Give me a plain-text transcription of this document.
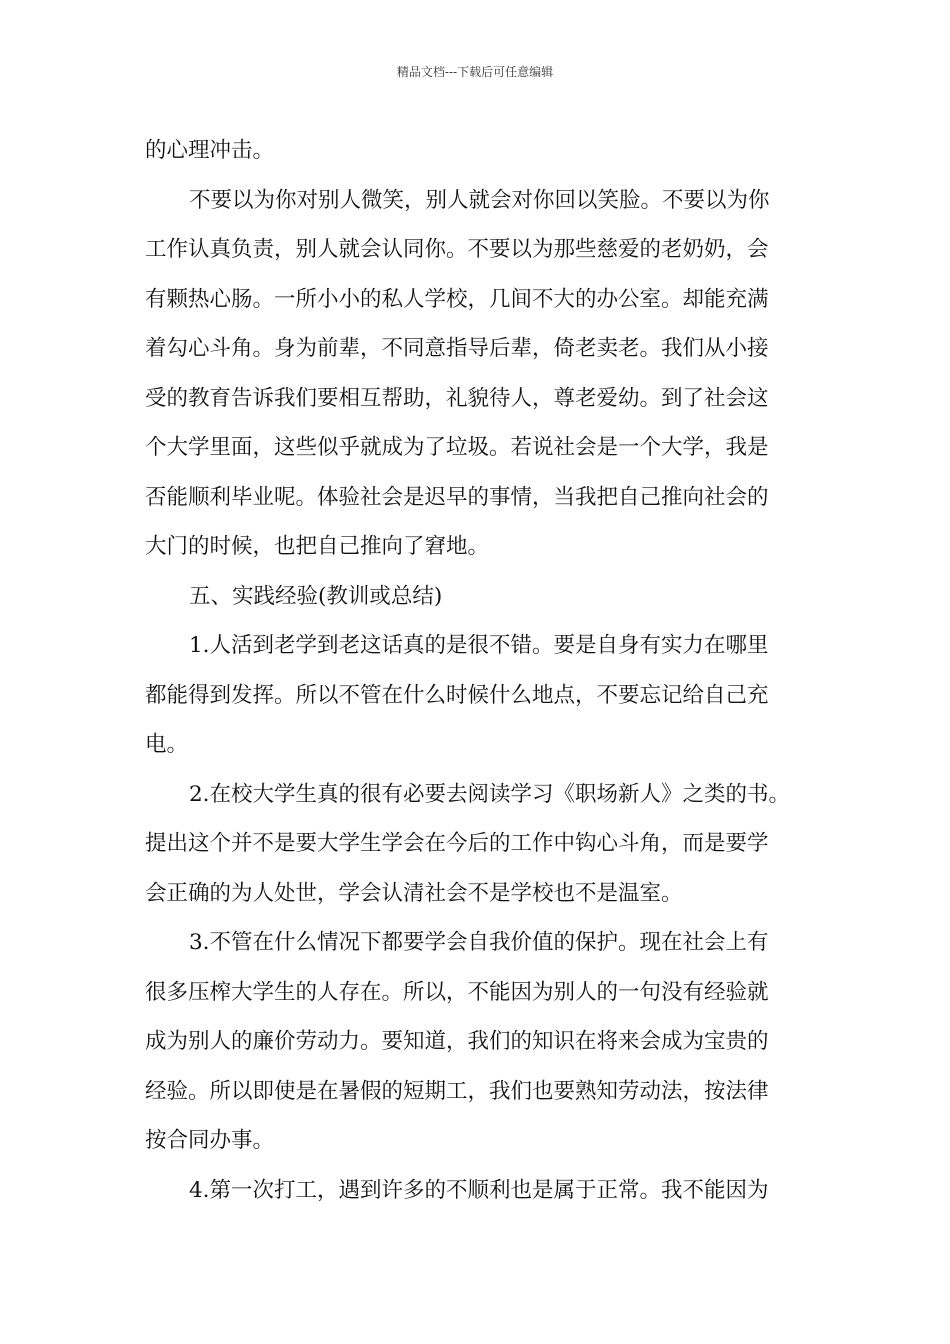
精品文档---下载后可任意编辑
的心理冲击。
不要以为你对别人微笑，别人就会对你回以笑脸。不要以为你
工作认真负责，别人就会认同你。不要以为那些慈爱的老奶奶，会
有颗热心肠。一所小小的私人学校，几间不大的办公室。却能充满
着勾心斗角。身为前辈，不同意指导后辈，倚老卖老。我们从小接
受的教育告诉我们要相互帮助，礼貌待人，尊老爱幼。到了社会这
个大学里面，这些似乎就成为了垃圾。若说社会是一个大学，我是
否能顺利毕业呢。体验社会是迟早的事情，当我把自己推向社会的
大门的时候，也把自己推向了窘地。
五、实践经验(教训或总结)
1.人活到老学到老这话真的是很不错。要是自身有实力在哪里
都能得到发挥。所以不管在什么时候什么地点，不要忘记给自己充
电。
2.在校大学生真的很有必要去阅读学习《职场新人》之类的书。
提出这个并不是要大学生学会在今后的工作中钩心斗角，而是要学
会正确的为人处世，学会认清社会不是学校也不是温室。
3.不管在什么情况下都要学会自我价值的保护。现在社会上有
很多压榨大学生的人存在。所以，不能因为别人的一句没有经验就
成为别人的廉价劳动力。要知道，我们的知识在将来会成为宝贵的
经验。所以即使是在暑假的短期工，我们也要熟知劳动法，按法律
按合同办事。
4.第一次打工，遇到许多的不顺利也是属于正常。我不能因为
